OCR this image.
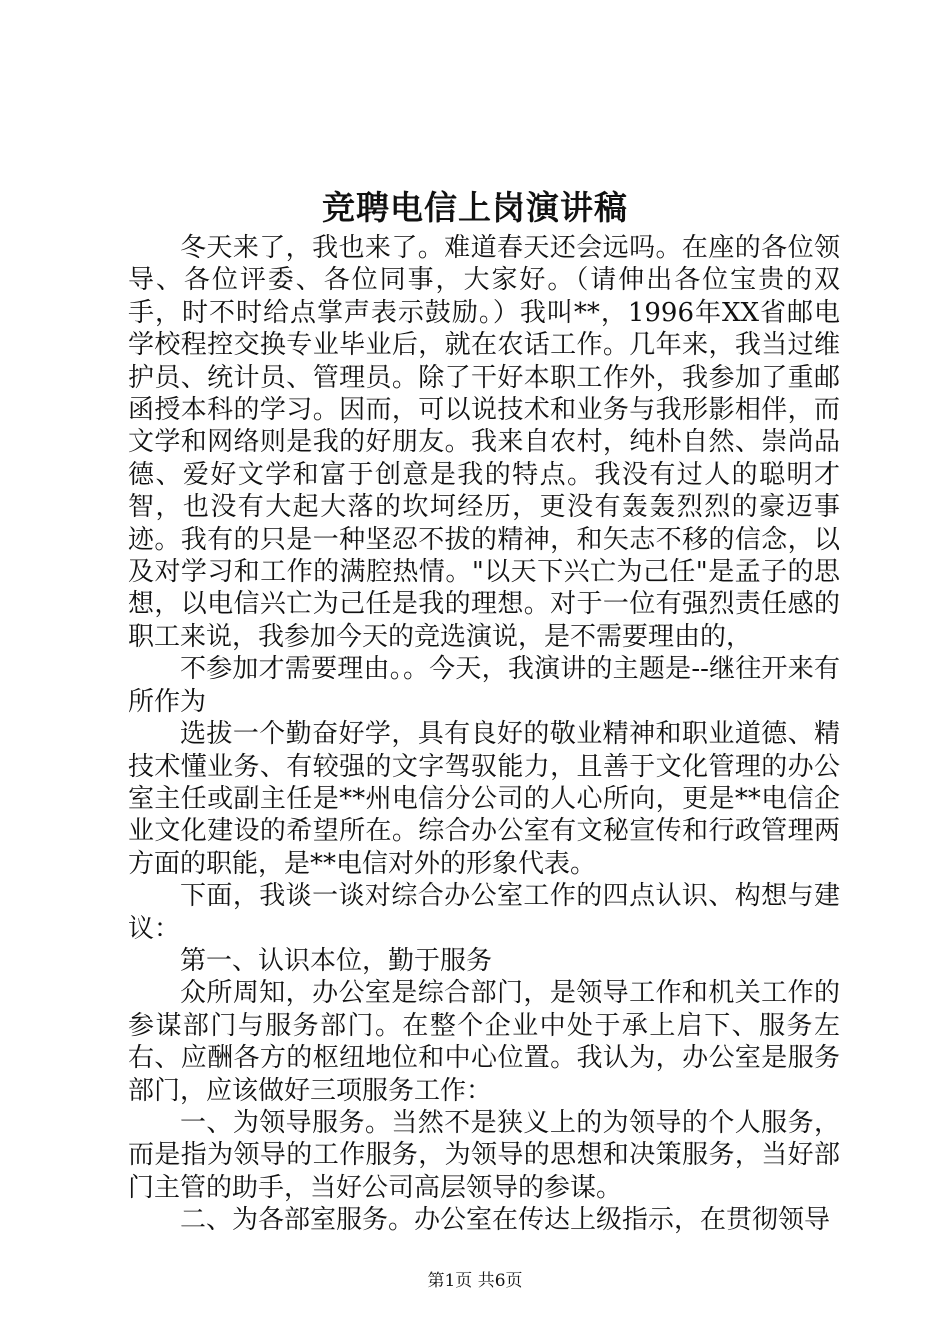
竞聘电信上岗演讲稿

冬天来了，我也来了。难道春天还会远吗。在座的各位领导、各位评委、各位同事，大家好。（请伸出各位宝贵的双手，时不时给点掌声表示鼓励。）我叫**，1996年XX省邮电学校程控交换专业毕业后，就在农话工作。几年来，我当过维护员、统计员、管理员。除了干好本职工作外，我参加了重邮函授本科的学习。因而，可以说技术和业务与我形影相伴，而文学和网络则是我的好朋友。我来自农村，纯朴自然、崇尚品德、爱好文学和富于创意是我的特点。我没有过人的聪明才智，也没有大起大落的坎坷经历，更没有轰轰烈烈的豪迈事迹。我有的只是一种坚忍不拔的精神，和矢志不移的信念，以及对学习和工作的满腔热情。"以天下兴亡为己任"是孟子的思想，以电信兴亡为己任是我的理想。对于一位有强烈责任感的职工来说，我参加今天的竞选演说，是不需要理由的，

不参加才需要理由。。今天，我演讲的主题是--继往开来有所作为

选拔一个勤奋好学，具有良好的敬业精神和职业道德、精技术懂业务、有较强的文字驾驭能力，且善于文化管理的办公室主任或副主任是**州电信分公司的人心所向，更是**电信企业文化建设的希望所在。综合办公室有文秘宣传和行政管理两方面的职能，是**电信对外的形象代表。

下面，我谈一谈对综合办公室工作的四点认识、构想与建议：

第一、认识本位，勤于服务

众所周知，办公室是综合部门，是领导工作和机关工作的参谋部门与服务部门。在整个企业中处于承上启下、服务左右、应酬各方的枢纽地位和中心位置。我认为，办公室是服务部门，应该做好三项服务工作：

一、为领导服务。当然不是狭义上的为领导的个人服务，而是指为领导的工作服务，为领导的思想和决策服务，当好部门主管的助手，当好公司高层领导的参谋。

二、为各部室服务。办公室在传达上级指示，在贯彻领导

第1页 共6页
